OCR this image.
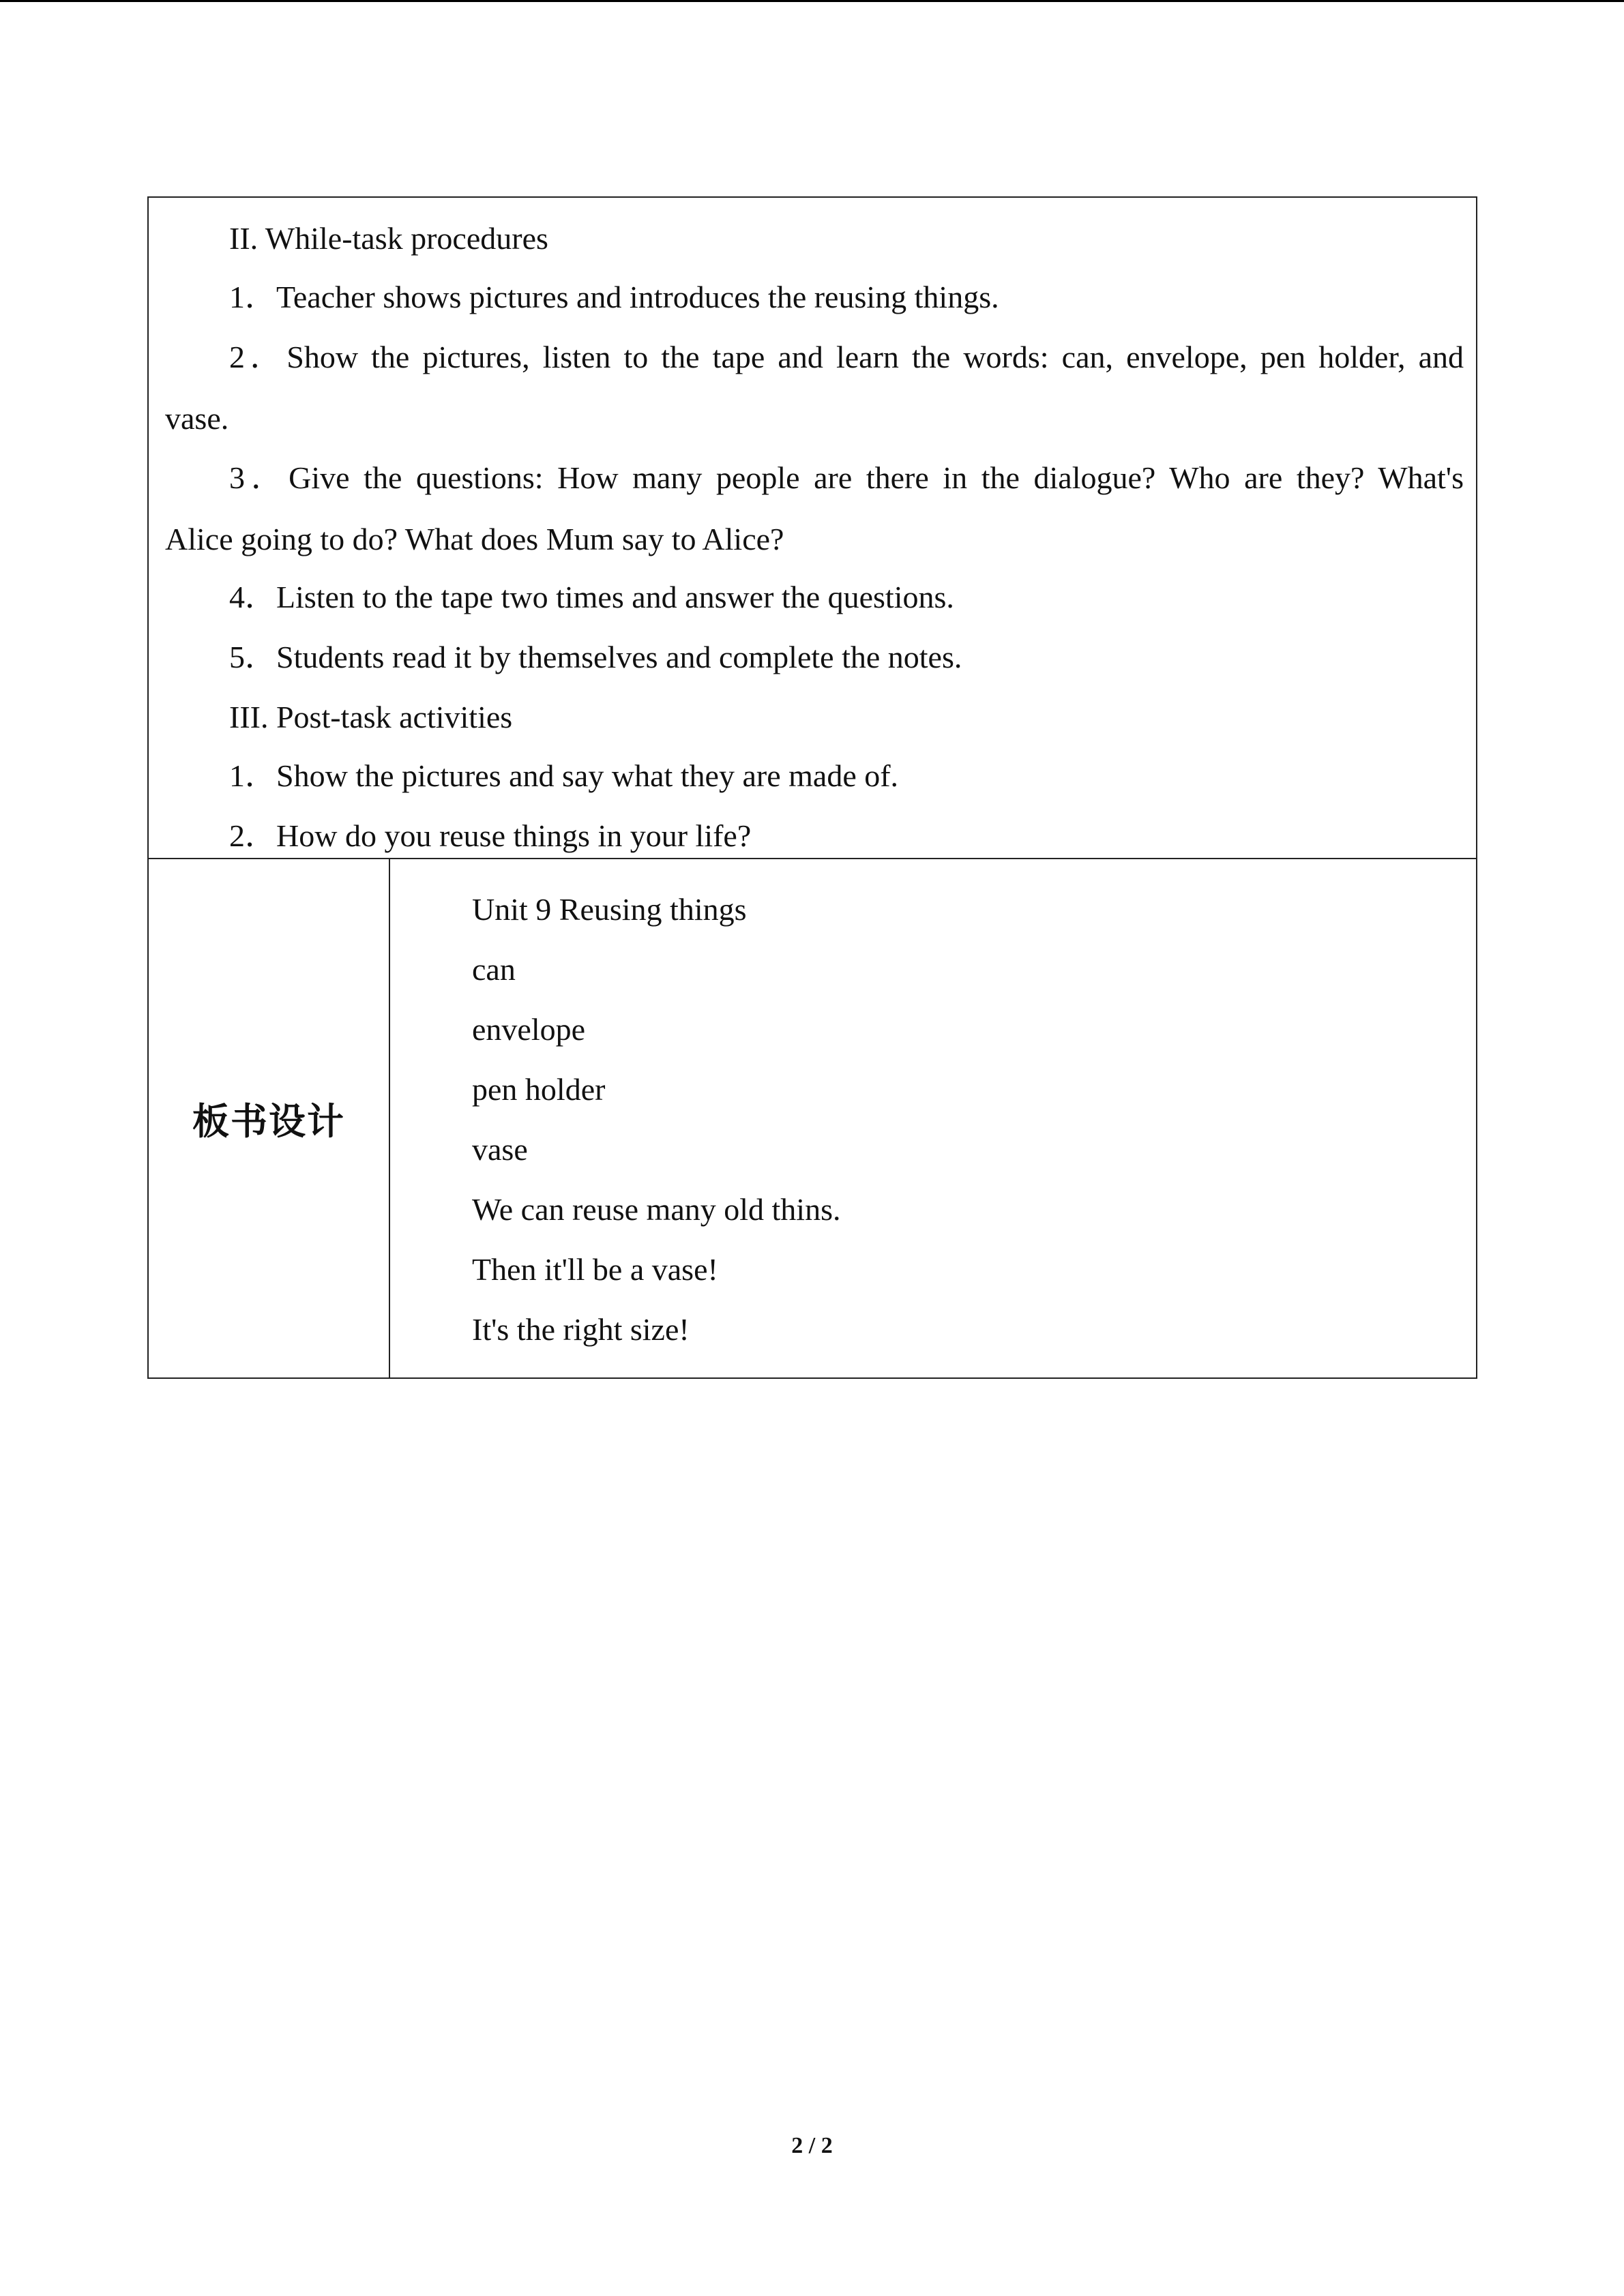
II. While-task procedures
1．Teacher shows pictures and introduces the reusing things.
2．Show the pictures, listen to the tape and learn the words: can, envelope, pen holder, and
vase.
3．Give the questions: How many people are there in the dialogue? Who are they? What's
Alice going to do? What does Mum say to Alice?
4．Listen to the tape two times and answer the questions.
5．Students read it by themselves and complete the notes.
III. Post-task activities
1．Show the pictures and say what they are made of.
2．How do you reuse things in your life?
板书设计
Unit 9 Reusing things
can
envelope
pen holder
vase
We can reuse many old thins.
Then it'll be a vase!
It's the right size!
2 / 2
